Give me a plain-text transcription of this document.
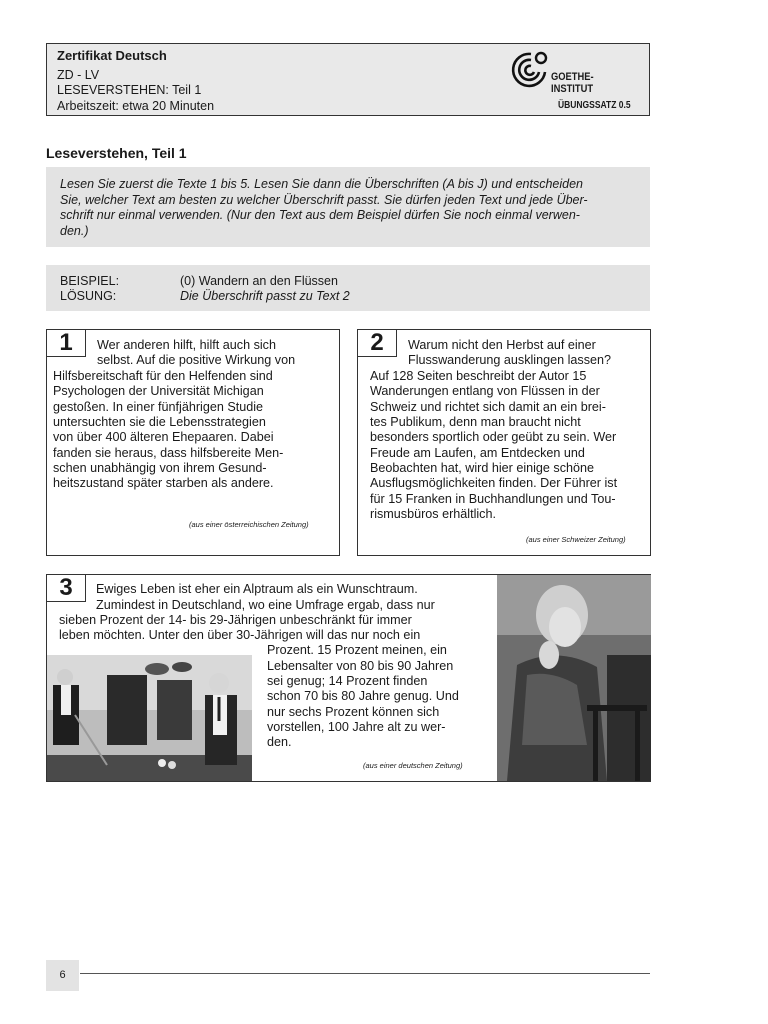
Zertifikat Deutsch
ZD - LV
LESEVERSTEHEN: Teil 1
Arbeitszeit: etwa 20 Minuten
GOETHE-INSTITUT
ÜBUNGSSATZ 0.5
Leseverstehen, Teil 1
Lesen Sie zuerst die Texte 1 bis 5. Lesen Sie dann die Überschriften (A bis J) und entscheiden
Sie, welcher Text am besten zu welcher Überschrift passt. Sie dürfen jeden Text und jede Über-
schrift nur einmal verwenden. (Nur den Text aus dem Beispiel dürfen Sie noch einmal verwen-
den.)
BEISPIEL:	(0) Wandern an den Flüssen
LÖSUNG:	Die Überschrift passt zu Text 2
1	Wer anderen hilft, hilft auch sich
selbst. Auf die positive Wirkung von
Hilfsbereitschaft für den Helfenden sind
Psychologen der Universität Michigan
gestoßen. In einer fünfjährigen Studie
untersuchten sie die Lebensstrategien
von über 400 älteren Ehepaaren. Dabei
fanden sie heraus, dass hilfsbereite Men-
schen unabhängig von ihrem Gesund-
heitszustand später starben als andere.
(aus einer österreichischen Zeitung)
2	Warum nicht den Herbst auf einer
Flusswanderung ausklingen lassen?
Auf 128 Seiten beschreibt der Autor 15
Wanderungen entlang von Flüssen in der
Schweiz und richtet sich damit an ein brei-
tes Publikum, denn man braucht nicht
besonders sportlich oder geübt zu sein. Wer
Freude am Laufen, am Entdecken und
Beobachten hat, wird hier einige schöne
Ausflugsmöglichkeiten finden. Der Führer ist
für 15 Franken in Buchhandlungen und Tou-
rismusbüros erhältlich.
(aus einer Schweizer Zeitung)
3	Ewiges Leben ist eher ein Alptraum als ein Wunschtraum.
Zumindest in Deutschland, wo eine Umfrage ergab, dass nur
sieben Prozent der 14- bis 29-Jährigen unbeschränkt für immer
leben möchten. Unter den über 30-Jährigen will das nur noch ein
Prozent. 15 Prozent meinen, ein
Lebensalter von 80 bis 90 Jahren
sei genug; 14 Prozent finden
schon 70 bis 80 Jahre genug. Und
nur sechs Prozent können sich
vorstellen, 100 Jahre alt zu wer-
den.
(aus einer deutschen Zeitung)
6
